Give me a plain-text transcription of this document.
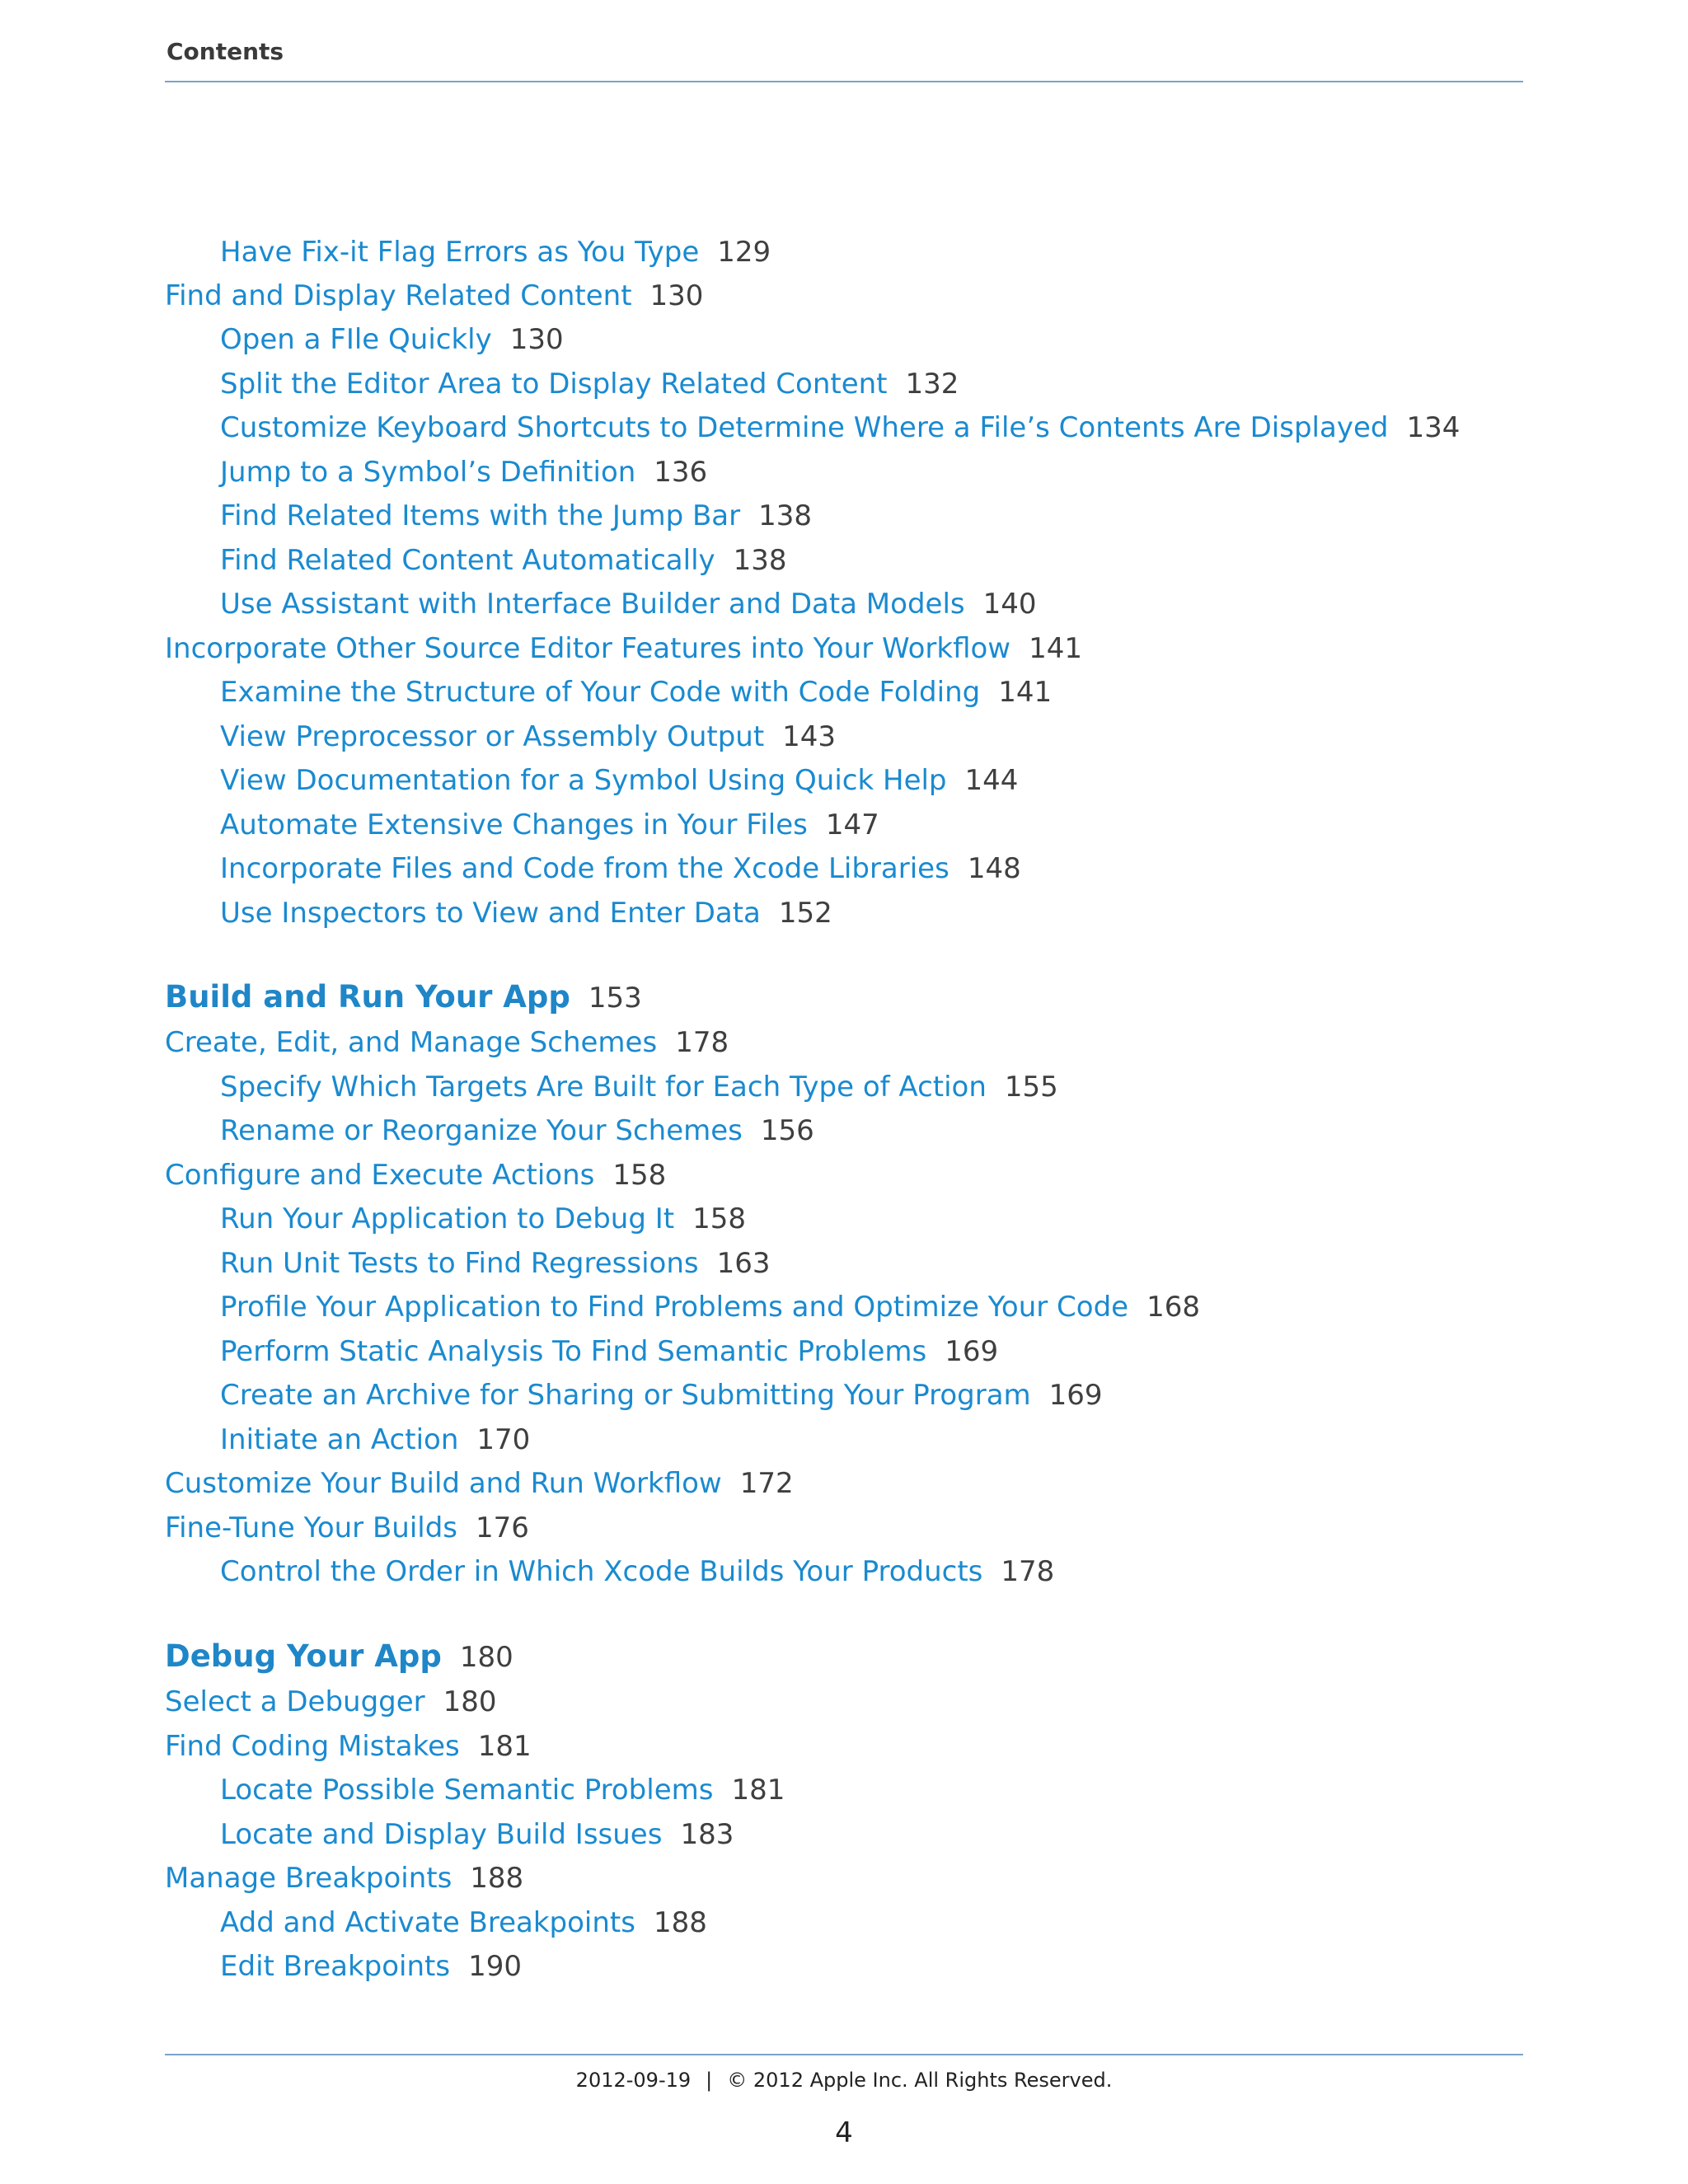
Contents
Have Fix-it Flag Errors as You Type 129
Find and Display Related Content 130
Open a FIle Quickly 130
Split the Editor Area to Display Related Content 132
Customize Keyboard Shortcuts to Determine Where a File’s Contents Are Displayed 134
Jump to a Symbol’s Definition 136
Find Related Items with the Jump Bar 138
Find Related Content Automatically 138
Use Assistant with Interface Builder and Data Models 140
Incorporate Other Source Editor Features into Your Workflow 141
Examine the Structure of Your Code with Code Folding 141
View Preprocessor or Assembly Output 143
View Documentation for a Symbol Using Quick Help 144
Automate Extensive Changes in Your Files 147
Incorporate Files and Code from the Xcode Libraries 148
Use Inspectors to View and Enter Data 152
Build and Run Your App 153
Create, Edit, and Manage Schemes 178
Specify Which Targets Are Built for Each Type of Action 155
Rename or Reorganize Your Schemes 156
Configure and Execute Actions 158
Run Your Application to Debug It 158
Run Unit Tests to Find Regressions 163
Profile Your Application to Find Problems and Optimize Your Code 168
Perform Static Analysis To Find Semantic Problems 169
Create an Archive for Sharing or Submitting Your Program 169
Initiate an Action 170
Customize Your Build and Run Workflow 172
Fine-Tune Your Builds 176
Control the Order in Which Xcode Builds Your Products 178
Debug Your App 180
Select a Debugger 180
Find Coding Mistakes 181
Locate Possible Semantic Problems 181
Locate and Display Build Issues 183
Manage Breakpoints 188
Add and Activate Breakpoints 188
Edit Breakpoints 190
2012-09-19 | © 2012 Apple Inc. All Rights Reserved.
4
